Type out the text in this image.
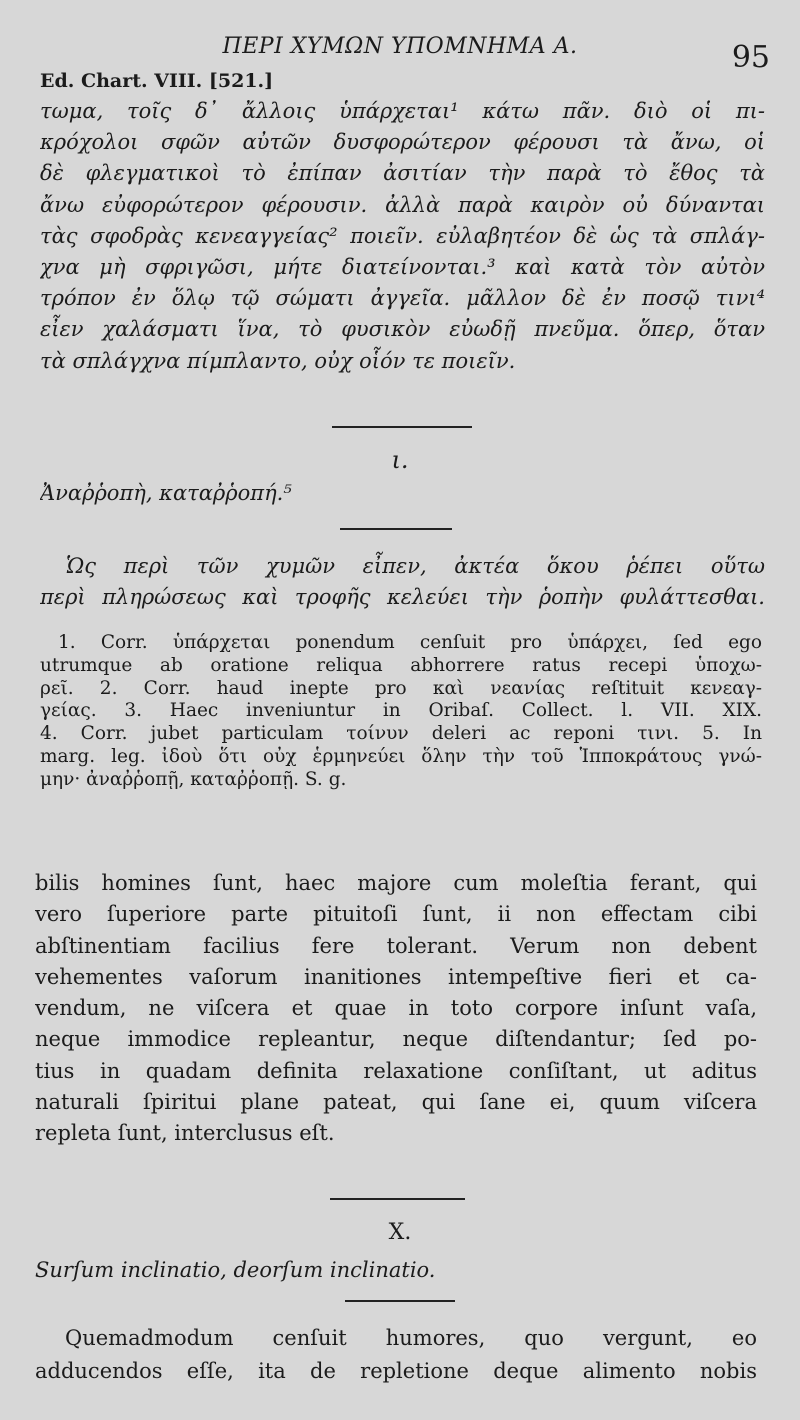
ΠΕΡΙ ΧΥΜΩΝ ΥΠΟΜΝΗΜΑ Α.	95
Ed. Chart. VIII. [521.]
τωμα, τοῖς δ᾿ ἄλλοις ὑπάρχεται¹ κάτω πᾶν. διὸ οἱ πι-
κρόχολοι σφῶν αὐτῶν δυσφορώτερον φέρουσι τὰ ἄνω, οἱ
δὲ φλεγματικοὶ τὸ ἐπίπαν ἀσιτίαν τὴν παρὰ τὸ ἔθος τὰ
ἄνω εὐφορώτερον φέρουσιν. ἀλλὰ παρὰ καιρὸν οὐ δύνανται
τὰς σφοδρὰς κενεαγγείας² ποιεῖν. εὐλαβητέον δὲ ὡς τὰ σπλάγ-
χνα μὴ σφριγῶσι, μήτε διατείνονται.³ καὶ κατὰ τὸν αὐτὸν
τρόπον ἐν ὅλῳ τῷ σώματι ἀγγεῖα. μᾶλλον δὲ ἐν ποσῷ τινι⁴
εἶεν χαλάσματι ἵνα, τὸ φυσικὸν εὐωδῇ πνεῦμα. ὅπερ, ὅταν
τὰ σπλάγχνα πίμπλαντο, οὐχ οἷόν τε ποιεῖν.
ι.
Ἀναῤῥοπὴ, καταῤῥοπή.⁵
Ὡς περὶ τῶν χυμῶν εἶπεν, ἀκτέα ὅκου ῥέπει οὕτω
περὶ πληρώσεως καὶ τροφῆς κελεύει τὴν ῥοπὴν φυλάττεσθαι.
1. Corr. ὑπάρχεται ponendum cenſuit pro ὑπάρχει, ſed ego
utrumque ab oratione reliqua abhorrere ratus recepi ὑποχω-
ρεῖ. 2. Corr. haud inepte pro καὶ νεανίας reſtituit κενεαγ-
γείας. 3. Haec inveniuntur in Oribaſ. Collect. l. VII. XIX.
4. Corr. jubet particulam τοίνυν deleri ac reponi τινι. 5. In
marg. leg. ἰδοὺ ὅτι οὐχ ἑρμηνεύει ὅλην τὴν τοῦ Ἱπποκράτους γνώ-
μην· ἀναῤῥοπῇ, καταῤῥοπῇ. S. g.
bilis homines ſunt, haec majore cum moleſtia ferant, qui
vero ſuperiore parte pituitoſi ſunt, ii non effectam cibi
abſtinentiam facilius fere tolerant. Verum non debent
vehementes vaſorum inanitiones intempeſtive fieri et ca-
vendum, ne viſcera et quae in toto corpore inſunt vaſa,
neque immodice repleantur, neque diſtendantur; ſed po-
tius in quadam definita relaxatione conſiſtant, ut aditus
naturali ſpiritui plane pateat, qui ſane ei, quum viſcera
repleta ſunt, interclusus eſt.
X.
Surſum inclinatio, deorſum inclinatio.
Quemadmodum cenſuit humores, quo vergunt, eo
adducendos eſſe, ita de repletione deque alimento nobis
